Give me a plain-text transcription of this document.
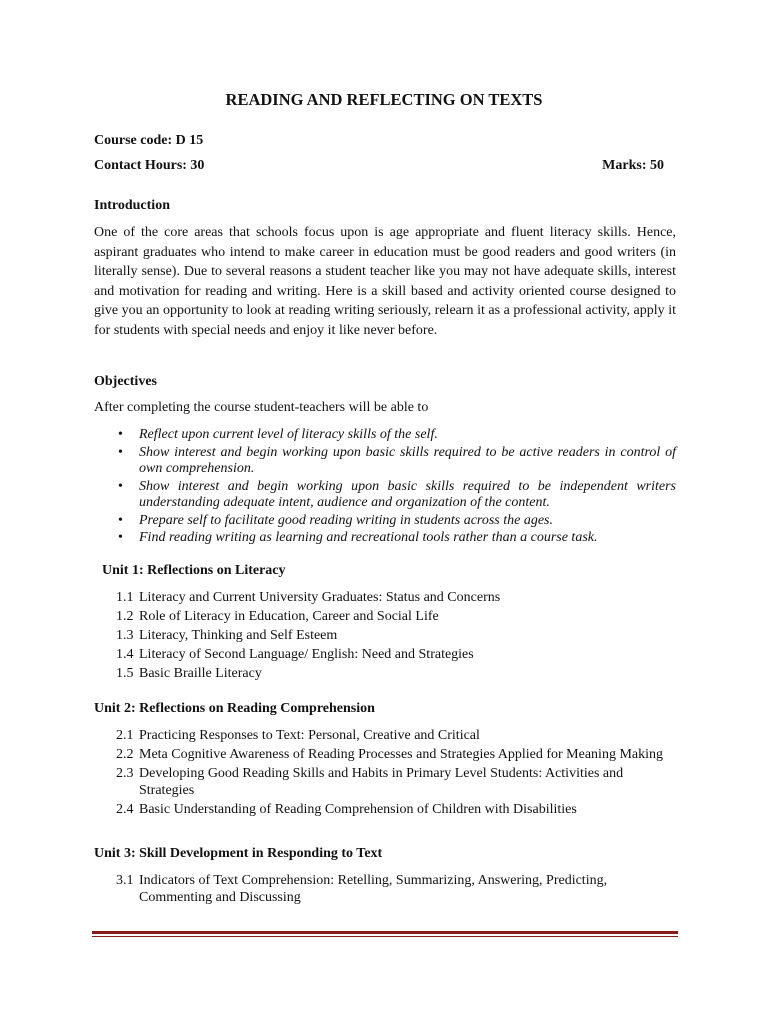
READING AND REFLECTING ON TEXTS
Course code: D 15
Contact Hours: 30	Marks: 50
Introduction

One of the core areas that schools focus upon is age appropriate and fluent literacy skills. Hence, aspirant graduates who intend to make career in education must be good readers and good writers (in literally sense). Due to several reasons a student teacher like you may not have adequate skills, interest and motivation for reading and writing. Here is a skill based and activity oriented course designed to give you an opportunity to look at reading writing seriously, relearn it as a professional activity, apply it for students with special needs and enjoy it like never before.

Objectives
After completing the course student-teachers will be able to
• Reflect upon current level of literacy skills of the self.
• Show interest and begin working upon basic skills required to be active readers in control of own comprehension.
• Show interest and begin working upon basic skills required to be independent writers understanding adequate intent, audience and organization of the content.
• Prepare self to facilitate good reading writing in students across the ages.
• Find reading writing as learning and recreational tools rather than a course task.
Unit 1: Reflections on Literacy
1.1 Literacy and Current University Graduates: Status and Concerns
1.2 Role of Literacy in Education, Career and Social Life
1.3 Literacy, Thinking and Self Esteem
1.4 Literacy of Second Language/ English: Need and Strategies
1.5 Basic Braille Literacy
Unit 2: Reflections on Reading Comprehension
2.1 Practicing Responses to Text: Personal, Creative and Critical
2.2 Meta Cognitive Awareness of Reading Processes and Strategies Applied for Meaning Making
2.3 Developing Good Reading Skills and Habits in Primary Level Students: Activities and Strategies
2.4 Basic Understanding of Reading Comprehension of Children with Disabilities
Unit 3: Skill Development in Responding to Text
3.1 Indicators of Text Comprehension: Retelling, Summarizing, Answering, Predicting, Commenting and Discussing
